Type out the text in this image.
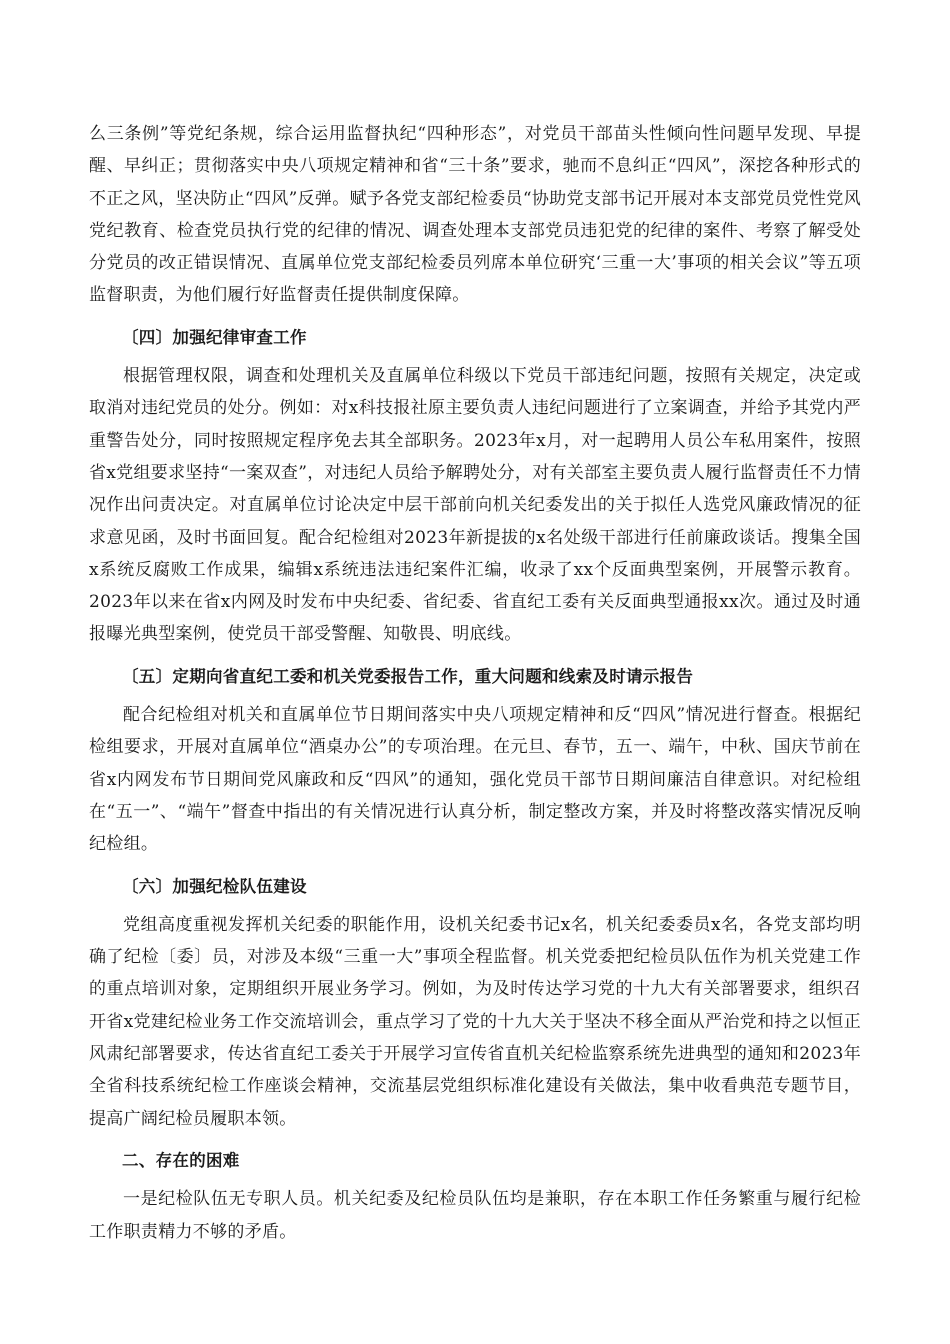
么三条例”等党纪条规，综合运用监督执纪“四种形态”，对党员干部苗头性倾向性问题早发现、早提醒、早纠正；贯彻落实中央八项规定精神和省“三十条”要求，驰而不息纠正“四风”，深挖各种形式的不正之风，坚决防止“四风”反弹。赋予各党支部纪检委员“协助党支部书记开展对本支部党员党性党风党纪教育、检查党员执行党的纪律的情况、调查处理本支部党员违犯党的纪律的案件、考察了解受处分党员的改正错误情况、直属单位党支部纪检委员列席本单位研究‘三重一大’事项的相关会议”等五项监督职责，为他们履行好监督责任提供制度保障。

〔四〕加强纪律审查工作

根据管理权限，调查和处理机关及直属单位科级以下党员干部违纪问题，按照有关规定，决定或取消对违纪党员的处分。例如：对x科技报社原主要负责人违纪问题进行了立案调查，并给予其党内严重警告处分，同时按照规定程序免去其全部职务。2023年x月，对一起聘用人员公车私用案件，按照省x党组要求坚持“一案双查”，对违纪人员给予解聘处分，对有关部室主要负责人履行监督责任不力情况作出问责决定。对直属单位讨论决定中层干部前向机关纪委发出的关于拟任人选党风廉政情况的征求意见函，及时书面回复。配合纪检组对2023年新提拔的x名处级干部进行任前廉政谈话。搜集全国x系统反腐败工作成果，编辑x系统违法违纪案件汇编，收录了xx个反面典型案例，开展警示教育。2023年以来在省x内网及时发布中央纪委、省纪委、省直纪工委有关反面典型通报xx次。通过及时通报曝光典型案例，使党员干部受警醒、知敬畏、明底线。

〔五〕定期向省直纪工委和机关党委报告工作，重大问题和线索及时请示报告

配合纪检组对机关和直属单位节日期间落实中央八项规定精神和反“四风”情况进行督查。根据纪检组要求，开展对直属单位“酒桌办公”的专项治理。在元旦、春节，五一、端午，中秋、国庆节前在省x内网发布节日期间党风廉政和反“四风”的通知，强化党员干部节日期间廉洁自律意识。对纪检组在“五一”、“端午”督查中指出的有关情况进行认真分析，制定整改方案，并及时将整改落实情况反响纪检组。

〔六〕加强纪检队伍建设

党组高度重视发挥机关纪委的职能作用，设机关纪委书记x名，机关纪委委员x名，各党支部均明确了纪检〔委〕员，对涉及本级“三重一大”事项全程监督。机关党委把纪检员队伍作为机关党建工作的重点培训对象，定期组织开展业务学习。例如，为及时传达学习党的十九大有关部署要求，组织召开省x党建纪检业务工作交流培训会，重点学习了党的十九大关于坚决不移全面从严治党和持之以恒正风肃纪部署要求，传达省直纪工委关于开展学习宣传省直机关纪检监察系统先进典型的通知和2023年全省科技系统纪检工作座谈会精神，交流基层党组织标准化建设有关做法，集中收看典范专题节目，提高广阔纪检员履职本领。

二、存在的困难

一是纪检队伍无专职人员。机关纪委及纪检员队伍均是兼职，存在本职工作任务繁重与履行纪检工作职责精力不够的矛盾。
